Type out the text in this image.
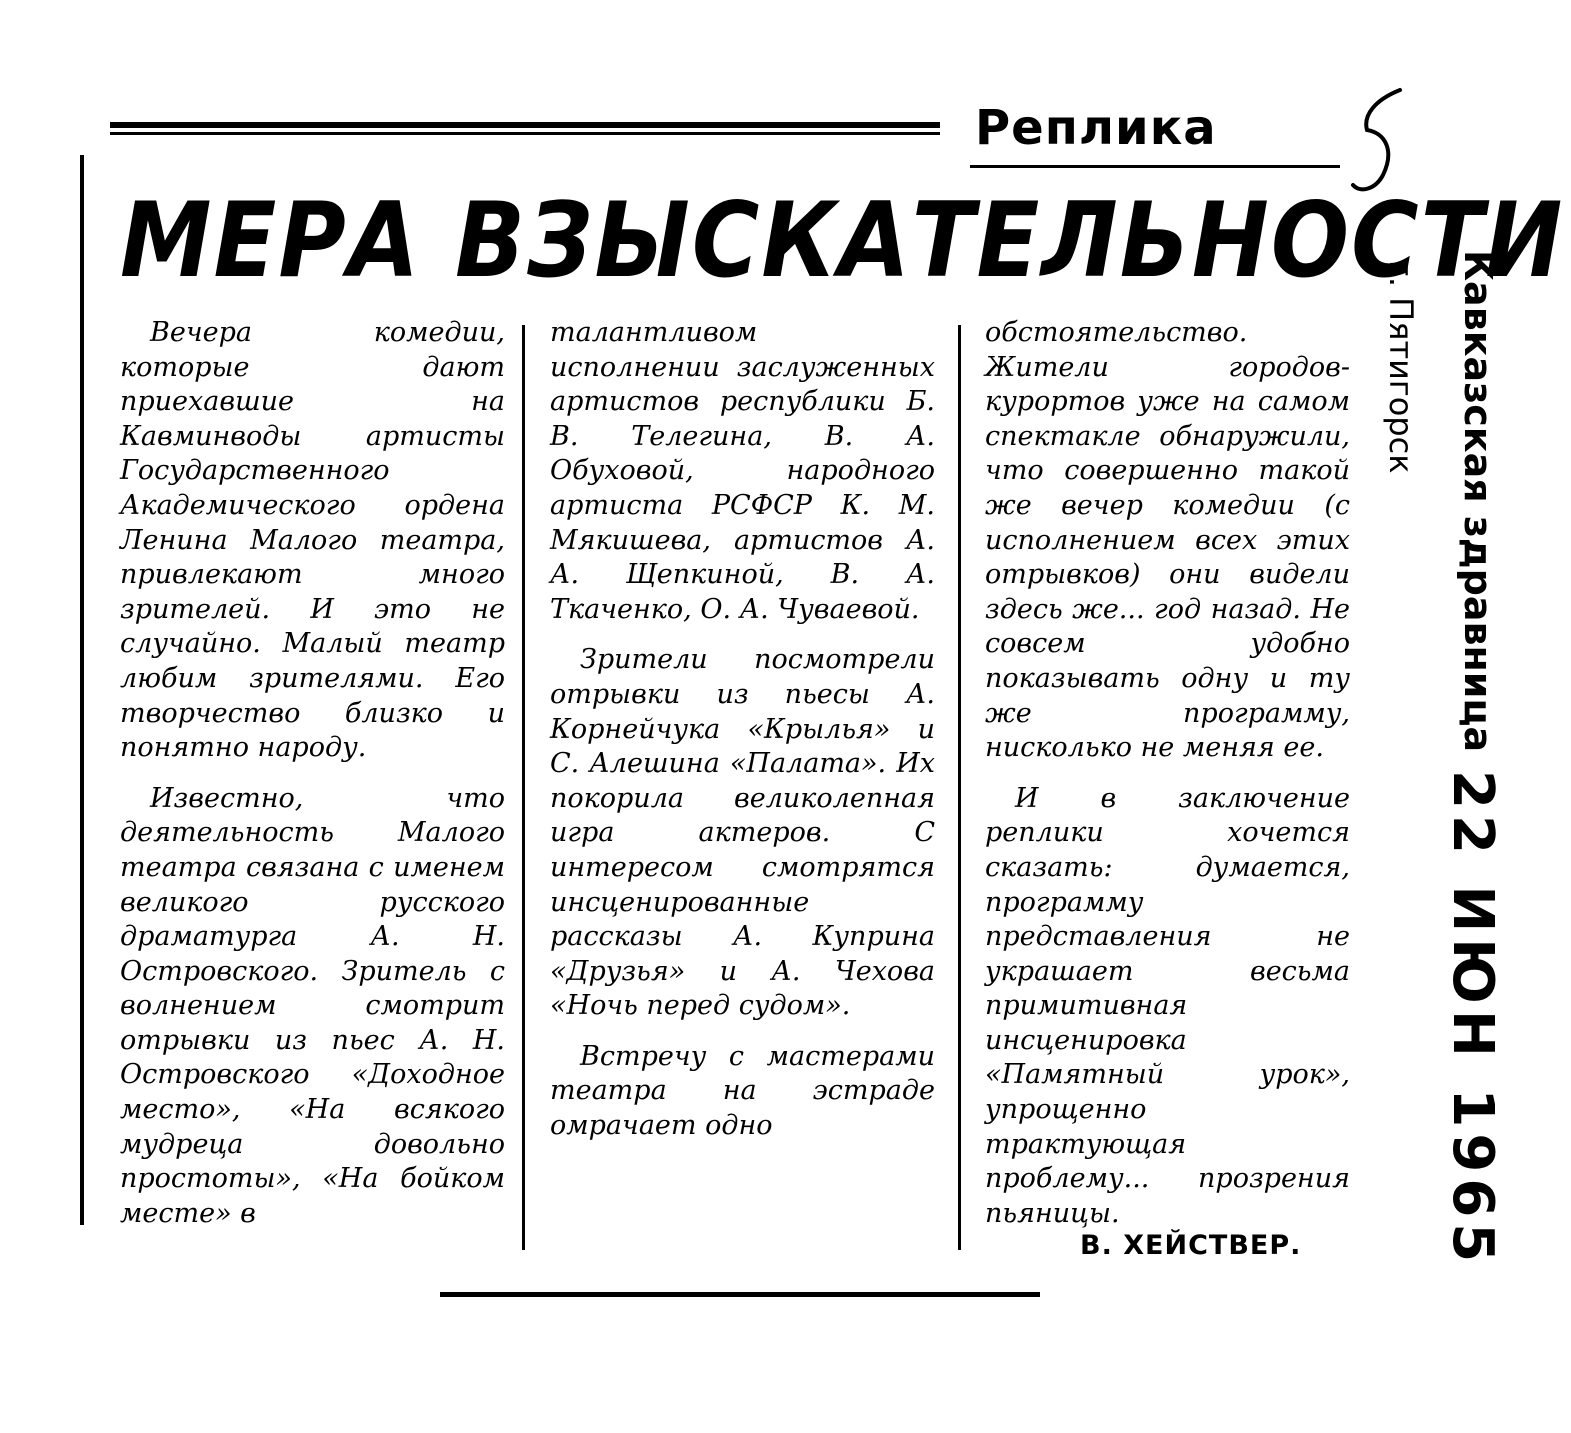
Реплика
МЕРА ВЗЫСКАТЕЛЬНОСТИ

Вечера комедии, которые дают приехавшие на Кавминводы артисты Государственного Академического ордена Ленина Малого театра, привлекают много зрителей. И это не случайно. Малый театр любим зрителями. Его творчество близко и понятно народу.

Известно, что деятельность Малого театра связана с именем великого русского драматурга А. Н. Островского. Зритель с волнением смотрит отрывки из пьес А. Н. Островского «Доходное место», «На всякого мудреца довольно простоты», «На бойком месте» в

талантливом исполнении заслуженных артистов республики Б. В. Телегина, В. А. Обуховой, народного артиста РСФСР К. М. Мякишева, артистов А. А. Щепкиной, В. А. Ткаченко, О. А. Чуваевой.

Зрители посмотрели отрывки из пьесы А. Корнейчука «Крылья» и С. Алешина «Палата». Их покорила великолепная игра актеров. С интересом смотрятся инсценированные рассказы А. Куприна «Друзья» и А. Чехова «Ночь перед судом».

Встречу с мастерами театра на эстраде омрачает одно

обстоятельство. Жители городов-курортов уже на самом спектакле обнаружили, что совершенно такой же вечер комедии (с исполнением всех этих отрывков) они видели здесь же... год назад. Не совсем удобно показывать одну и ту же программу, нисколько не меняя ее.

И в заключение реплики хочется сказать: думается, программу представления не украшает весьма примитивная инсценировка «Памятный урок», упрощенно трактующая проблему... прозрения пьяницы.

В. ХЕЙСТВЕР.
Кавказская здравница
г. Пятигорск
22 ИЮН 1965
